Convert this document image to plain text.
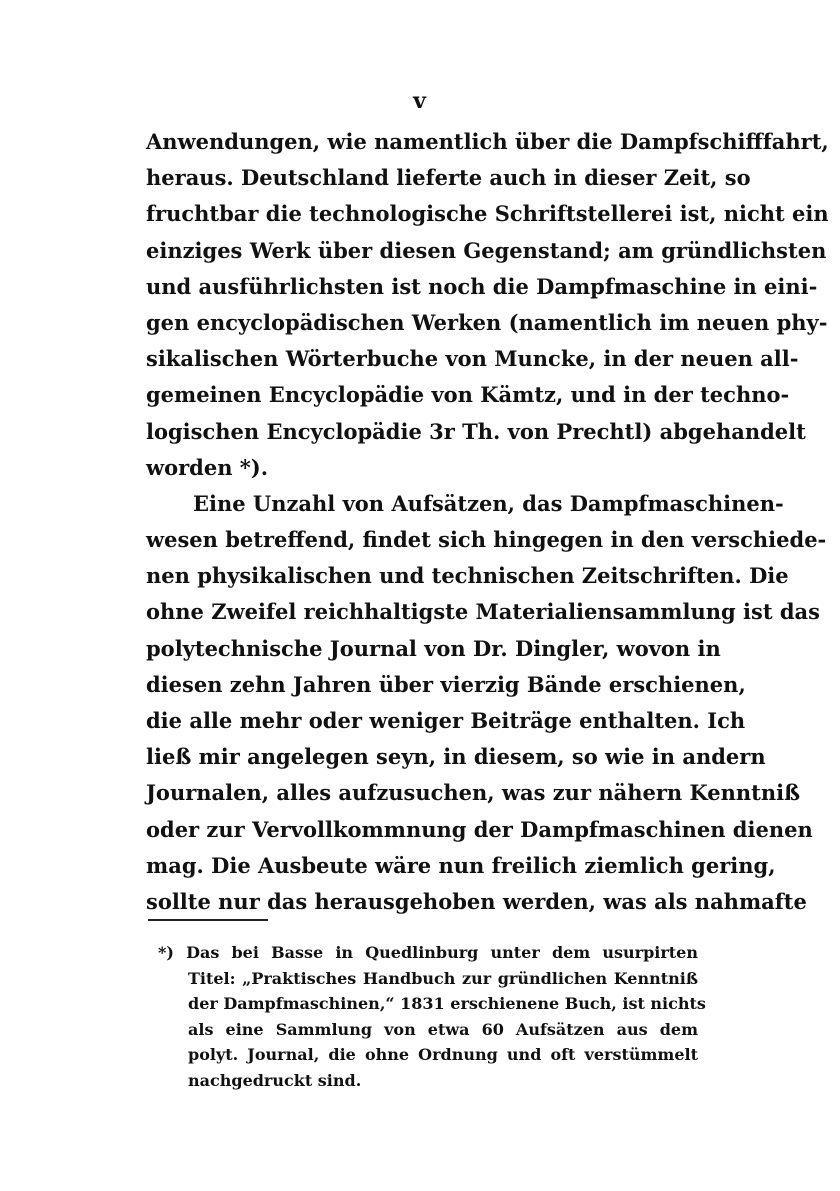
v
Anwendungen, wie namentlich über die Dampfschifffahrt,
heraus. Deutschland lieferte auch in dieser Zeit, so
fruchtbar die technologische Schriftstellerei ist, nicht ein
einziges Werk über diesen Gegenstand; am gründlichsten
und ausführlichsten ist noch die Dampfmaschine in eini-
gen encyclopädischen Werken (namentlich im neuen phy-
sikalischen Wörterbuche von Muncke, in der neuen all-
gemeinen Encyclopädie von Kämtz, und in der techno-
logischen Encyclopädie 3r Th. von Prechtl) abgehandelt
worden *).
Eine Unzahl von Aufsätzen, das Dampfmaschinen-
wesen betreffend, findet sich hingegen in den verschiede-
nen physikalischen und technischen Zeitschriften. Die
ohne Zweifel reichhaltigste Materialiensammlung ist das
polytechnische Journal von Dr. Dingler, wovon in
diesen zehn Jahren über vierzig Bände erschienen,
die alle mehr oder weniger Beiträge enthalten. Ich
ließ mir angelegen seyn, in diesem, so wie in andern
Journalen, alles aufzusuchen, was zur nähern Kenntniß
oder zur Vervollkommnung der Dampfmaschinen dienen
mag. Die Ausbeute wäre nun freilich ziemlich gering,
sollte nur das herausgehoben werden, was als nahmafte
*) Das bei Basse in Quedlinburg unter dem usurpirten
Titel: „Praktisches Handbuch zur gründlichen Kenntniß
der Dampfmaschinen,“ 1831 erschienene Buch, ist nichts
als eine Sammlung von etwa 60 Aufsätzen aus dem
polyt. Journal, die ohne Ordnung und oft verstümmelt
nachgedruckt sind.
